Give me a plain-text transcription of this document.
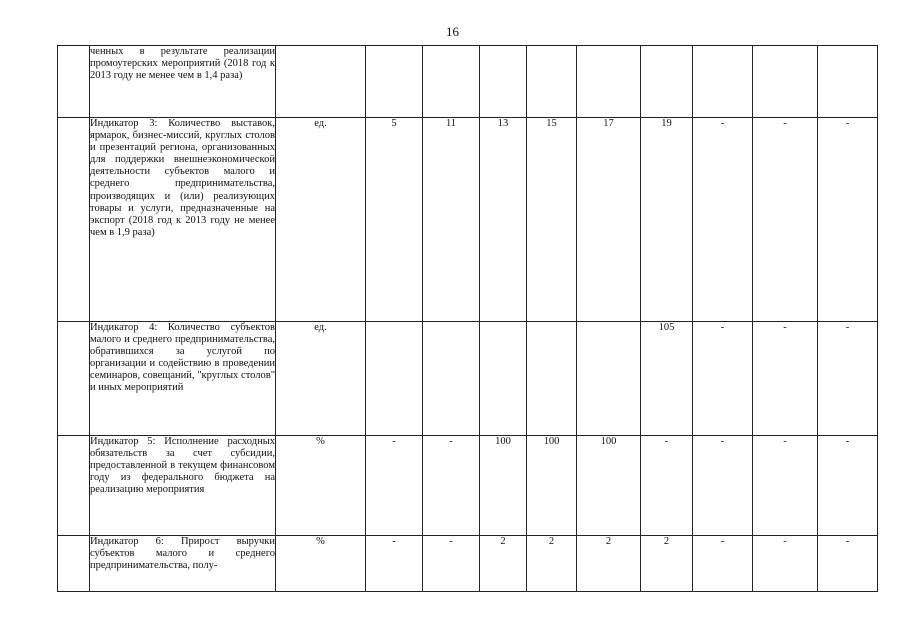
16
	ченных в результате реализации промоутерских мероприятий (2018 год к 2013 году не менее чем в 1,4 раза)										
	Индикатор 3: Количество выставок, ярмарок, бизнес-миссий, круглых столов и презентаций региона, организованных для поддержки внешнеэкономической деятельности субъектов малого и среднего предпринимательства, производящих и (или) реализующих товары и услуги, предназначенные на экспорт (2018 год к 2013 году не менее чем в 1,9 раза)	ед.	5	11	13	15	17	19	-	-	-
	Индикатор 4: Количество субъектов малого и среднего предпринимательства, обратившихся за услугой по организации и содействию в проведении семинаров, совещаний, "круглых столов" и иных мероприятий	ед.						105	-	-	-
	Индикатор 5: Исполнение расходных обязательств за счет субсидии, предоставленной в текущем финансовом году из федерального бюджета на реализацию мероприятия	%	-	-	100	100	100	-	-	-	-
	Индикатор 6: Прирост выручки субъектов малого и среднего предпринимательства, полу-	%	-	-	2	2	2	2	-	-	-
